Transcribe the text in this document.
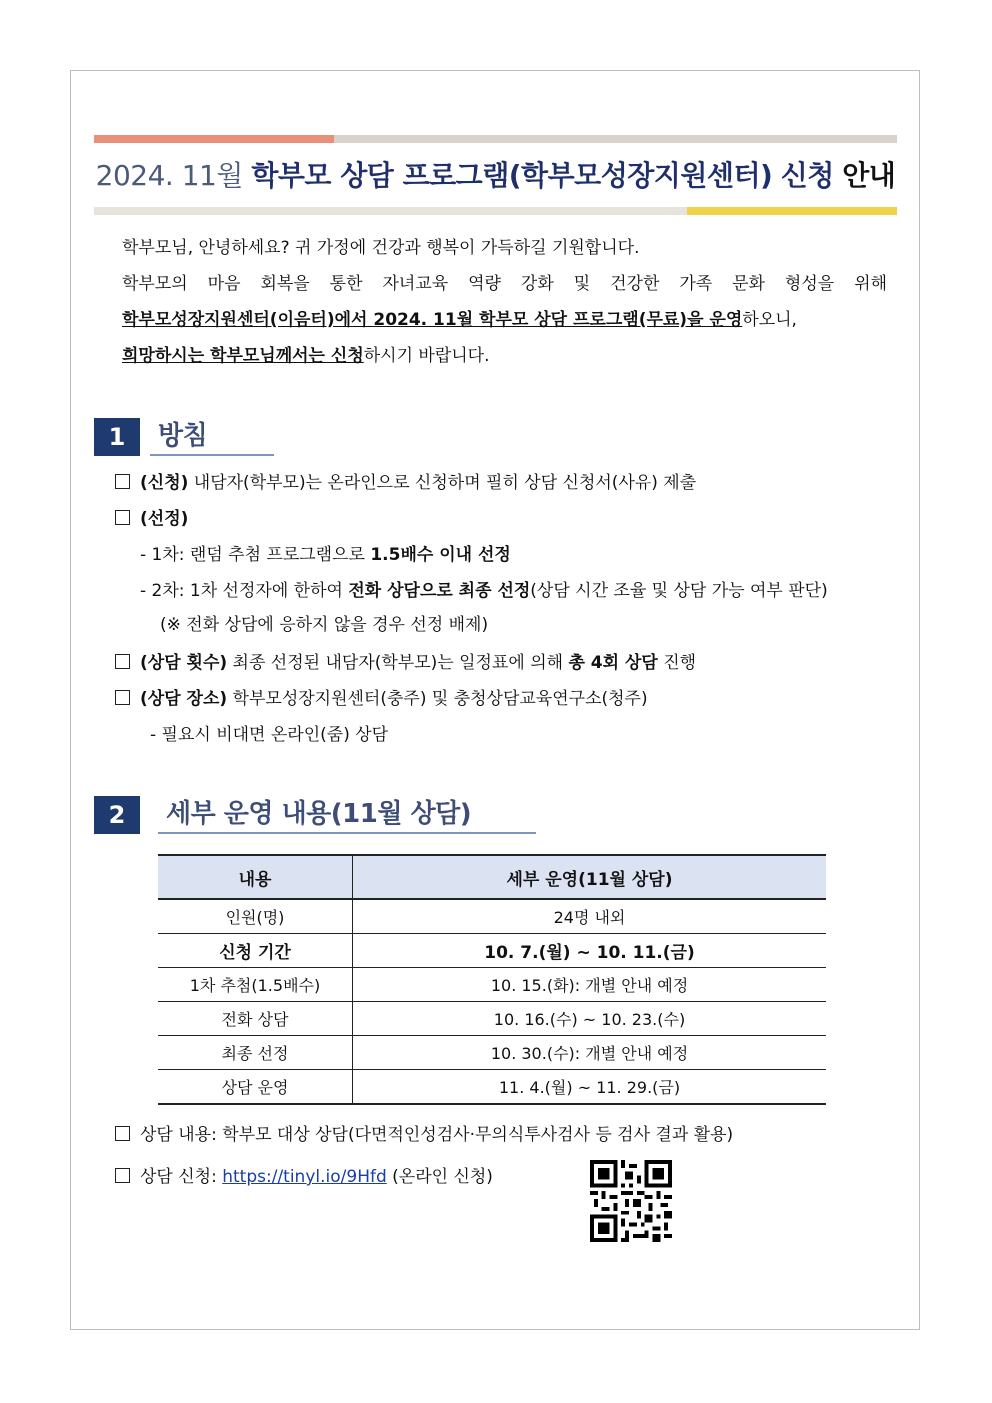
2024. 11월 학부모 상담 프로그램(학부모성장지원센터) 신청 안내

학부모님, 안녕하세요? 귀 가정에 건강과 행복이 가득하길 기원합니다.

학부모의 마음 회복을 통한 자녀교육 역량 강화 및 건강한 가족 문화 형성을 위해

학부모성장지원센터(이음터)에서 2024. 11월 학부모 상담 프로그램(무료)을 운영하오니,

희망하시는 학부모님께서는 신청하시기 바랍니다.

1	방침
(신청) 내담자(학부모)는 온라인으로 신청하며 필히 상담 신청서(사유) 제출
(선정)
- 1차: 랜덤 추첨 프로그램으로 1.5배수 이내 선정
- 2차: 1차 선정자에 한하여 전화 상담으로 최종 선정(상담 시간 조율 및 상담 가능 여부 판단)
(※ 전화 상담에 응하지 않을 경우 선정 배제)
(상담 횟수) 최종 선정된 내담자(학부모)는 일정표에 의해 총 4회 상담 진행
(상담 장소) 학부모성장지원센터(충주) 및 충청상담교육연구소(청주)
- 필요시 비대면 온라인(줌) 상담
2	세부 운영 내용(11월 상담)
내용	세부 운영(11월 상담)
인원(명)	24명 내외
신청 기간	10. 7.(월) ~ 10. 11.(금)
1차 추첨(1.5배수)	10. 15.(화): 개별 안내 예정
전화 상담	10. 16.(수) ~ 10. 23.(수)
최종 선정	10. 30.(수): 개별 안내 예정
상담 운영	11. 4.(월) ~ 11. 29.(금)
상담 내용: 학부모 대상 상담(다면적인성검사·무의식투사검사 등 검사 결과 활용)
상담 신청: https://tinyl.io/9Hfd (온라인 신청)
